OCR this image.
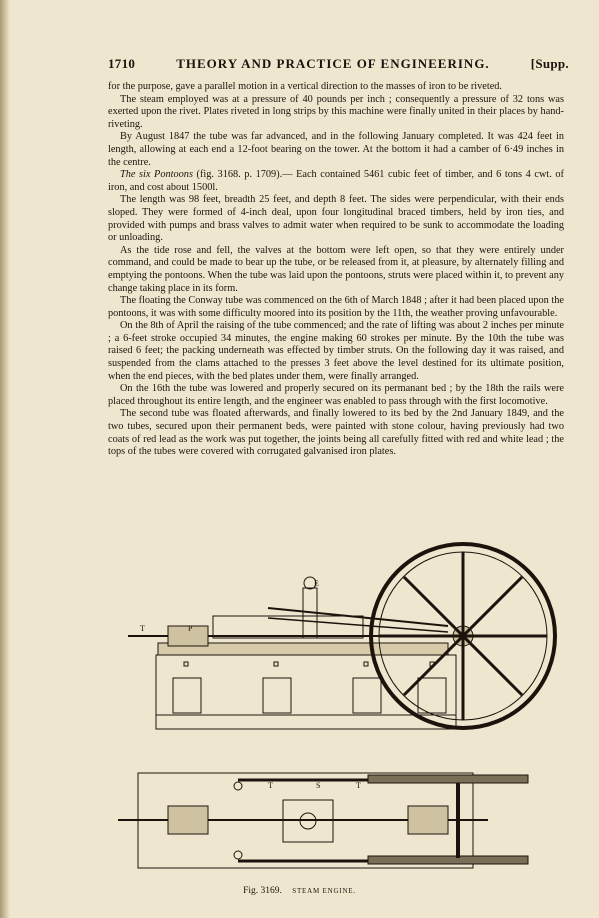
1710	THEORY AND PRACTICE OF ENGINEERING.	[Supp.

for the purpose, gave a parallel motion in a vertical direction to the masses of iron to be riveted.

The steam employed was at a pressure of 40 pounds per inch ; consequently a pressure of 32 tons was exerted upon the rivet. Plates riveted in long strips by this machine were finally united in their places by hand-riveting.

By August 1847 the tube was far advanced, and in the following January completed. It was 424 feet in length, allowing at each end a 12-foot bearing on the tower. At the bottom it had a camber of 6·49 inches in the centre.

The six Pontoons (fig. 3168. p. 1709).— Each contained 5461 cubic feet of timber, and 6 tons 4 cwt. of iron, and cost about 1500l.

The length was 98 feet, breadth 25 feet, and depth 8 feet. The sides were perpendicular, with their ends sloped. They were formed of 4-inch deal, upon four longitudinal braced timbers, held by iron ties, and provided with pumps and brass valves to admit water when required to be sunk to accommodate the loading or unloading.

As the tide rose and fell, the valves at the bottom were left open, so that they were entirely under command, and could be made to bear up the tube, or be released from it, at pleasure, by alternately filling and emptying the pontoons. When the tube was laid upon the pontoons, struts were placed within it, to prevent any change taking place in its form.

The floating the Conway tube was commenced on the 6th of March 1848 ; after it had been placed upon the pontoons, it was with some difficulty moored into its position by the 11th, the weather proving unfavourable.

On the 8th of April the raising of the tube commenced; and the rate of lifting was about 2 inches per minute ; a 6-feet stroke occupied 34 minutes, the engine making 60 strokes per minute. By the 10th the tube was raised 6 feet; the packing underneath was effected by timber struts. On the following day it was raised, and suspended from the clams attached to the presses 3 feet above the level destined for its ultimate position, when the end pieces, with the bed plates under them, were finally arranged.

On the 16th the tube was lowered and properly secured on its permanant bed ; by the 18th the rails were placed throughout its entire length, and the engineer was enabled to pass through with the first locomotive.

The second tube was floated afterwards, and finally lowered to its bed by the 2nd January 1849, and the two tubes, secured upon their permanent beds, were painted with stone colour, having previously had two coats of red lead as the work was put together, the joints being all carefully fitted with red and white lead ; the tops of the tubes were covered with corrugated galvanised iron plates.

E
T	P
T	S	T
Fig. 3169. STEAM ENGINE.
